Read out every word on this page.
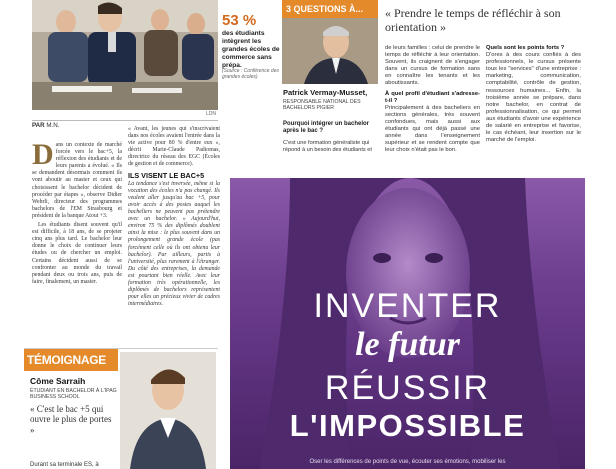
LDN
53 %
des étudiants intègrent les grandes écoles de commerce sans prépa.
(Source : Conférence des grandes écoles)
3 QUESTIONS À...
Patrick Vermay-Musset,
RESPONSABLE NATIONAL DES BACHELORS PIGIER
Pourquoi intégrer un bachelor après le bac ?
C'est une formation généraliste qui répond à un besoin des étudiants et
« Prendre le temps de réfléchir à son orientation »
de leurs familles : celui de prendre le temps de réfléchir à leur orientation. Souvent, ils craignent de s'engager dans un cursus de formation sans en connaître les tenants et les aboutissants.
À quel profil d'étudiant s'adresse-t-il ?
Principalement à des bacheliers en sections générales, très souvent confondues, mais aussi aux étudiants qui ont déjà passé une année dans l'enseignement supérieur et se rendent compte que leur choix n'était pas le bon.
Quels sont les points forts ?
D'ores à des cours confiés à des professionnels, le cursus présente tous les "services" d'une entreprise : marketing, communication, comptabilité, contrôle de gestion, ressources humaines... Enfin, la troisième année se prépare, dans notre bachelor, en contrat de professionnalisation, ce qui permet aux étudiants d'avoir une expérience de salarié en entreprise et favorise, le cas échéant, leur insertion sur le marché de l'emploi.
PAR M.N.
Dans un contexte de marché forcée vers le bac+5, la réflexion des étudiants et de leurs parents a évolué. « Ils se demandent désormais comment ils vont aboutir au master et ceux qui choisissent le bachelor décident de procéder par étapes », observe Didier Wehrli, directeur des programmes bachelors de l'EM Strasbourg et président de la banque Atout +3.
Les étudiants disent souvent qu'il est difficile, à 18 ans, de se projeter cinq ans plus tard. Le bachelor leur donne le choix de continuer leurs études ou de chercher un emploi. Certains décident aussi de se confronter au monde du travail pendant deux ou trois ans, puis de faire, finalement, un master.
« Avant, les jeunes qui s'inscrivaient dans nos écoles avaient l'entrée dans la vie active pour 80 % d'entre eux », décrit Marie-Claude Padiomas, directrice du réseau des EGC (Écoles de gestion et de commerce).
ILS VISENT LE BAC+5
La tendance s'est inversée, même si la vocation des écoles n'a pas changé. Ils veulent aller jusqu'au bac +5, pour avoir accès à des postes auquel les bacheliers ne peuvent pas prétendre avec un bachelor. » Aujourd'hui, environ 75 % des diplômés doublent ainsi la mise : le plus souvent dans un prolongement grande école (pas forcément celle où ils ont obtenu leur bachelor). Par ailleurs, partis à l'université, plus rarement à l'étranger. Du côté des entreprises, la demande est pourtant bien réelle. Avec leur formation très opérationnelle, les diplômés de bachelors représentent pour elles un précieux vivier de cadres intermédiaires.
TÉMOIGNAGE
Côme Sarraih
ÉTUDIANT EN BACHELOR À L'IPAG BUSINESS SCHOOL
« C'est le bac +5 qui ouvre le plus de portes »
Durant sa terminale ES, à
INVENTER
le futur
RÉUSSIR
L'IMPOSSIBLE
Oser les différences de points de vue, écouter ses émotions, mobiliser les
